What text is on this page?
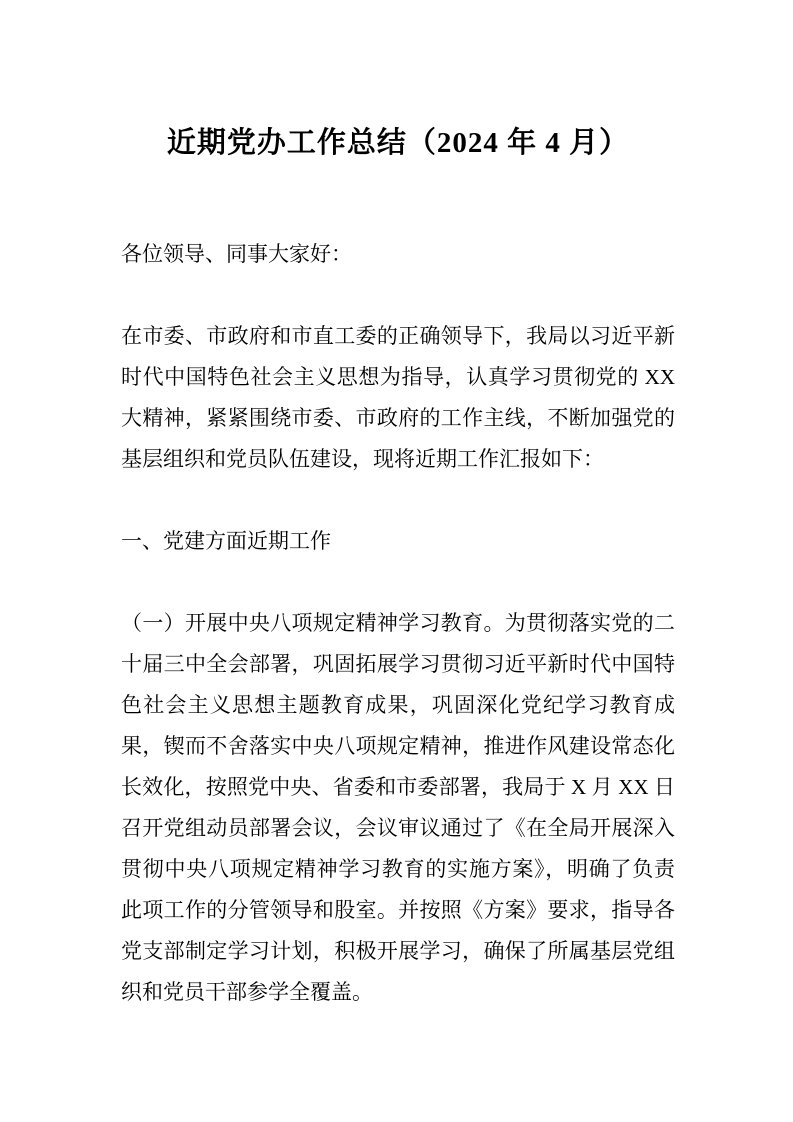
近期党办工作总结（2024 年 4 月）

各位领导、同事大家好：

在市委、市政府和市直工委的正确领导下，我局以习近平新时代中国特色社会主义思想为指导，认真学习贯彻党的 XX 大精神，紧紧围绕市委、市政府的工作主线，不断加强党的基层组织和党员队伍建设，现将近期工作汇报如下：

一、党建方面近期工作

（一）开展中央八项规定精神学习教育。为贯彻落实党的二十届三中全会部署，巩固拓展学习贯彻习近平新时代中国特色社会主义思想主题教育成果，巩固深化党纪学习教育成果，锲而不舍落实中央八项规定精神，推进作风建设常态化长效化，按照党中央、省委和市委部署，我局于 X 月 XX 日召开党组动员部署会议，会议审议通过了《在全局开展深入贯彻中央八项规定精神学习教育的实施方案》，明确了负责此项工作的分管领导和股室。并按照《方案》要求，指导各党支部制定学习计划，积极开展学习，确保了所属基层党组织和党员干部参学全覆盖。
